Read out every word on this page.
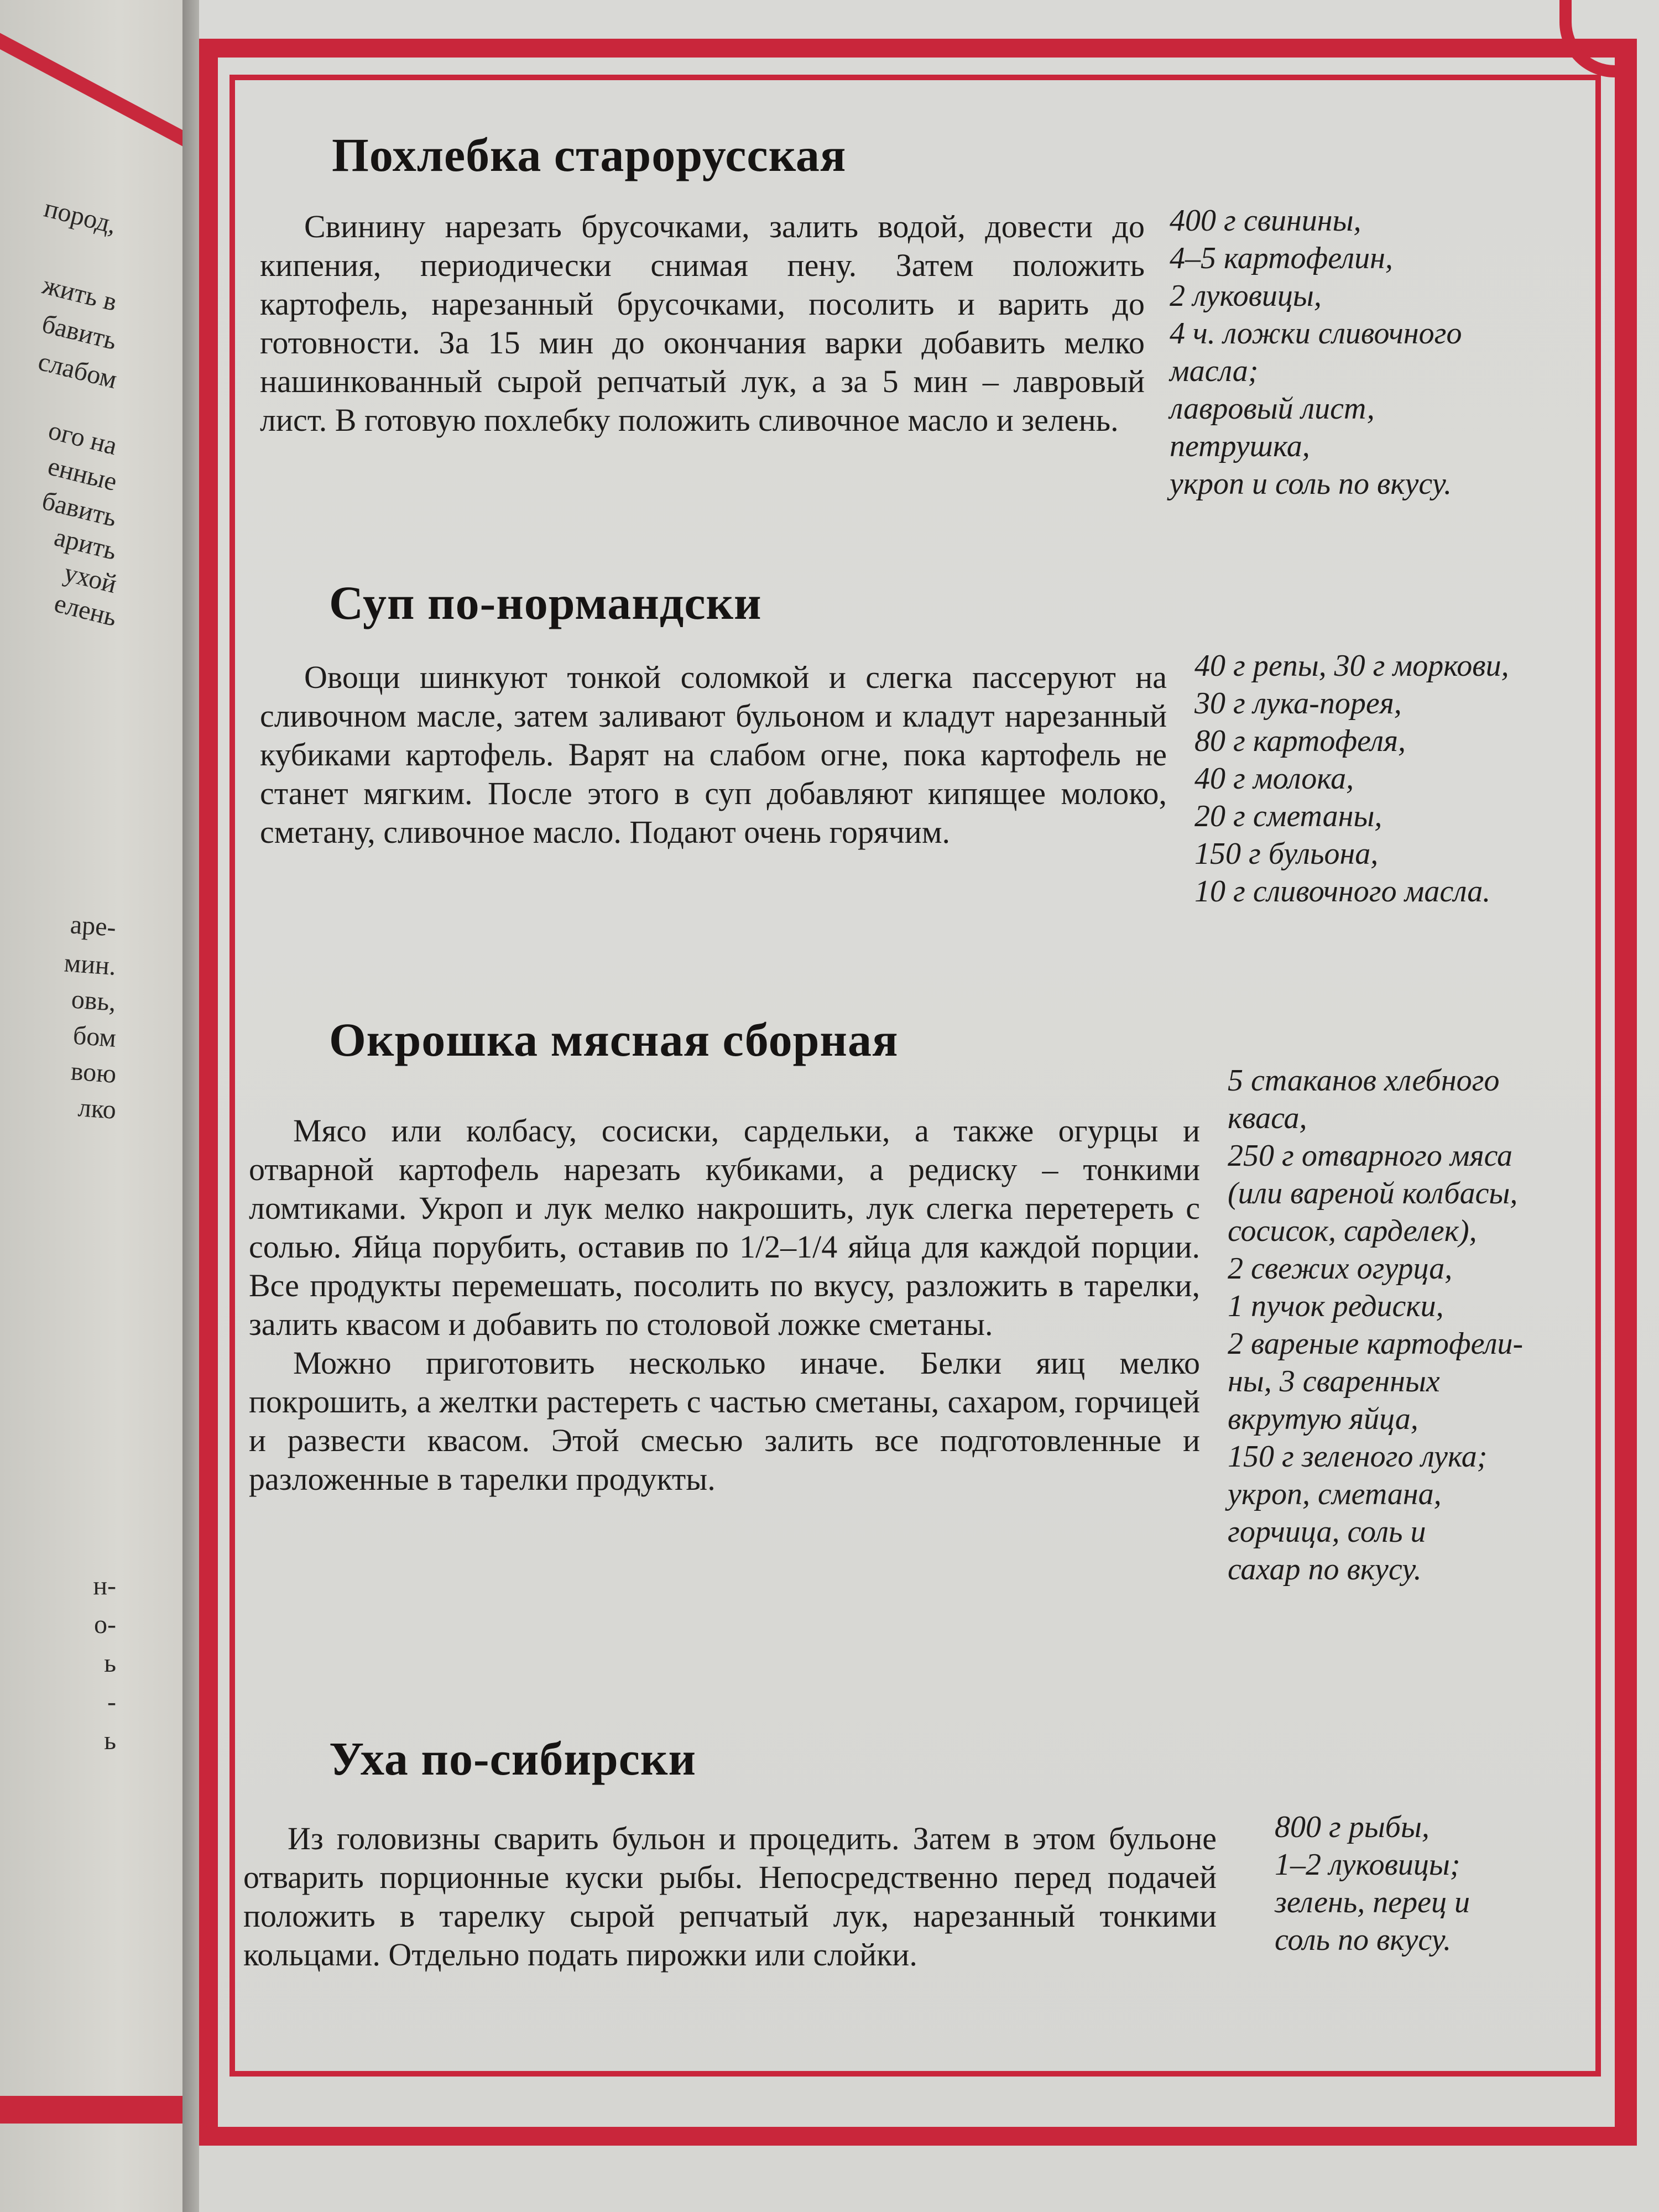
пород,
жить в
бавить
слабом
ого на
енные
бавить
арить
ухой
елень
аре-
мин.
овь,
бом
вою
лко
н-
о-
ь
-
ь
Похлебка старорусская

Свинину нарезать брусочками, залить водой, довести до кипения, периодически снимая пену. Затем положить картофель, нарезанный брусочками, посолить и варить до готовности. За 15 мин до окончания варки добавить мелко нашинкованный сырой репчатый лук, а за 5 мин – лавровый лист. В готовую похлебку положить сливочное масло и зелень.

400 г свинины,
4–5 картофелин,
2 луковицы,
4 ч. ложки сливочного
масла;
лавровый лист,
петрушка,
укроп и соль по вкусу.
Суп по-нормандски

Овощи шинкуют тонкой соломкой и слегка пассеруют на сливочном масле, затем заливают бульоном и кладут нарезанный кубиками картофель. Варят на слабом огне, пока картофель не станет мягким. После этого в суп добавляют кипящее молоко, сметану, сливочное масло. Подают очень горячим.

40 г репы, 30 г моркови,
30 г лука-порея,
80 г картофеля,
40 г молока,
20 г сметаны,
150 г бульона,
10 г сливочного масла.
Окрошка мясная сборная

Мясо или колбасу, сосиски, сардельки, а также огурцы и отварной картофель нарезать кубиками, а редиску – тонкими ломтиками. Укроп и лук мелко накрошить, лук слегка перетереть с солью. Яйца порубить, оставив по 1/2–1/4 яйца для каждой порции. Все продукты перемешать, посолить по вкусу, разложить в тарелки, залить квасом и добавить по столовой ложке сметаны.

Можно приготовить несколько иначе. Белки яиц мелко покрошить, а желтки растереть с частью сметаны, сахаром, горчицей и развести квасом. Этой смесью залить все подготовленные и разложенные в тарелки продукты.

5 стаканов хлебного
кваса,
250 г отварного мяса
(или вареной колбасы,
сосисок, сарделек),
2 свежих огурца,
1 пучок редиски,
2 вареные картофели-
ны, 3 сваренных
вкрутую яйца,
150 г зеленого лука;
укроп, сметана,
горчица, соль и
сахар по вкусу.
Уха по-сибирски

Из головизны сварить бульон и процедить. Затем в этом бульоне отварить порционные куски рыбы. Непосредственно перед подачей положить в тарелку сырой репчатый лук, нарезанный тонкими кольцами. Отдельно подать пирожки или слойки.

800 г рыбы,
1–2 луковицы;
зелень, перец и
соль по вкусу.
